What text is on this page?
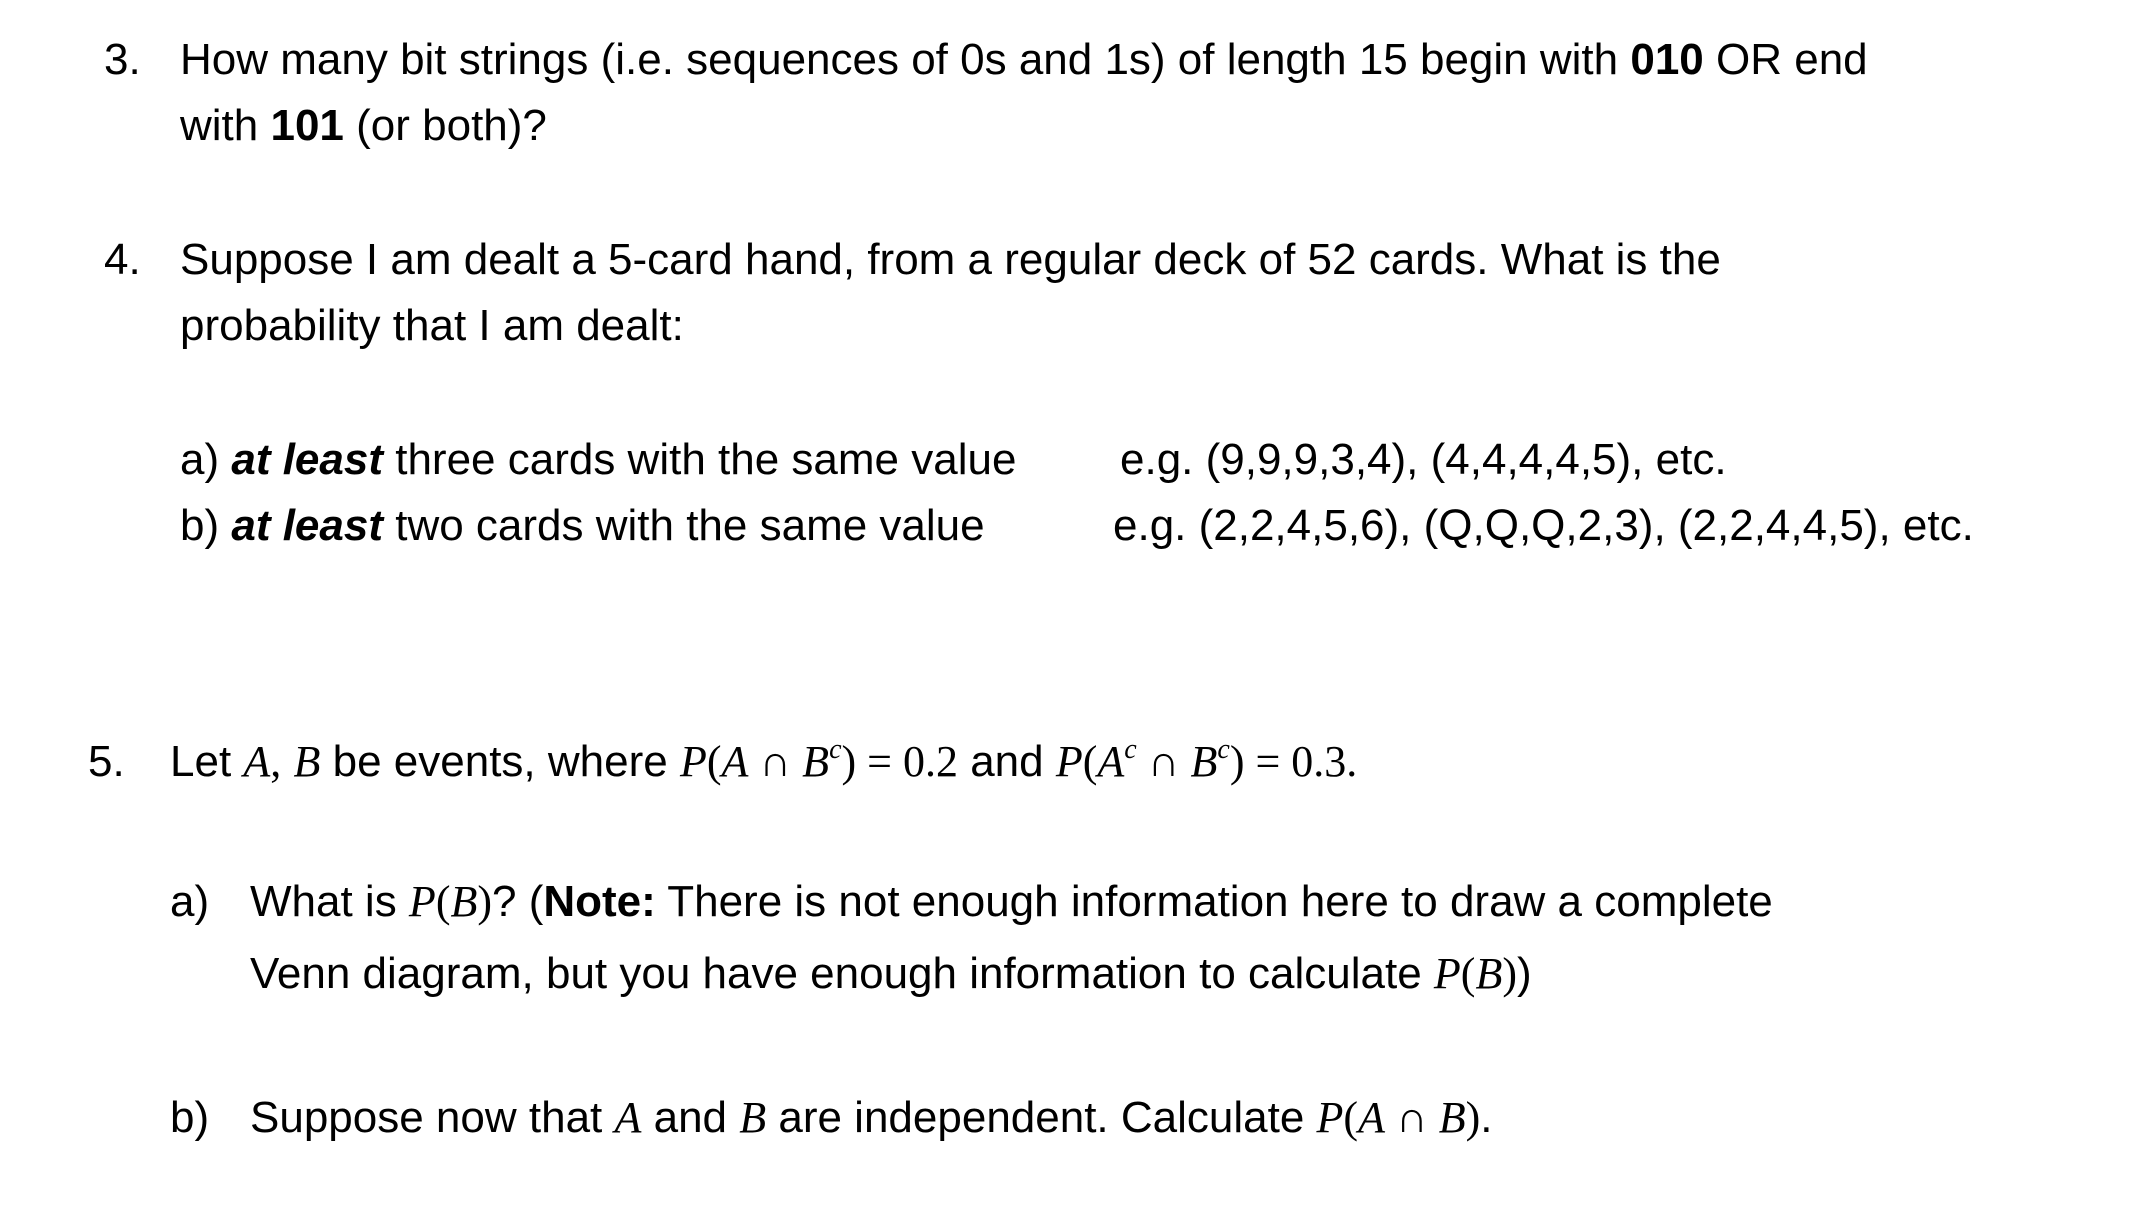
3. How many bit strings (i.e. sequences of 0s and 1s) of length 15 begin with 010 OR end
with 101 (or both)?
4. Suppose I am dealt a 5-card hand, from a regular deck of 52 cards. What is the
probability that I am dealt:
a) at least three cards with the same value e.g. (9,9,9,3,4), (4,4,4,4,5), etc.
b) at least two cards with the same value	e.g. (2,2,4,5,6), (Q,Q,Q,2,3), (2,2,4,4,5), etc.
5. Let A, B be events, where P(A ∩ $B^c) = 0.2$ and $P(A^c$ ∩ $B^c) = 0.3$.
a) What is P(B)? (Note: There is not enough information here to draw a complete
Venn diagram, but you have enough information to calculate P(B))
b) Suppose now that A and B are independent. Calculate P(A ∩ B).
